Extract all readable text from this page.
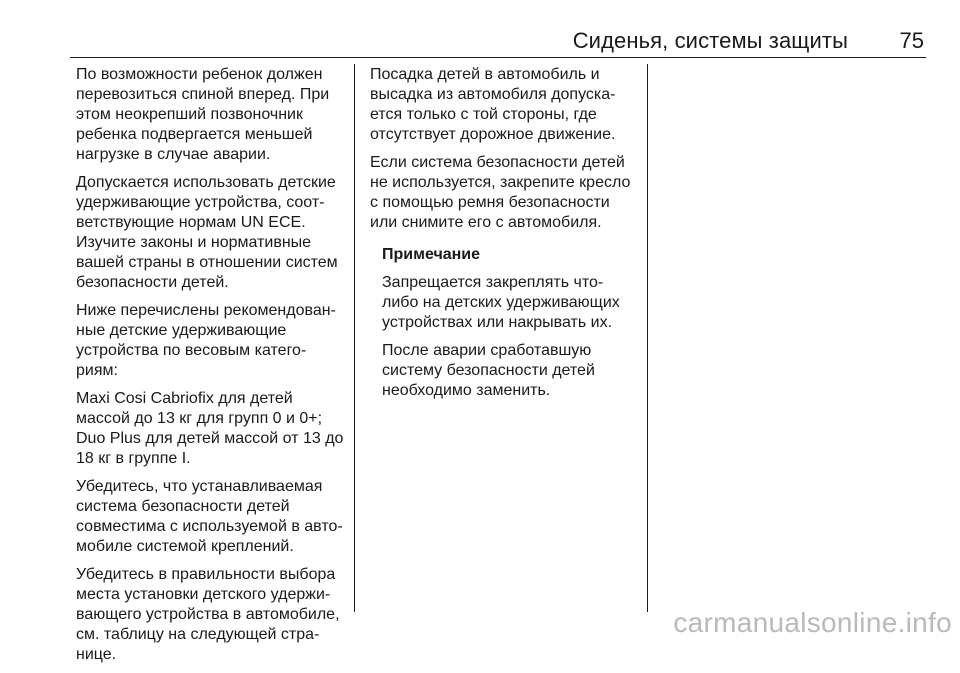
Сиденья, системы защиты 75

По возможности ребенок должен
перевозиться спиной вперед. При
этом неокрепший позвоночник
ребенка подвергается меньшей
нагрузке в случае аварии.

Допускается использовать детские
удерживающие устройства, соот-
ветствующие нормам UN ECE.
Изучите законы и нормативные
вашей страны в отношении систем
безопасности детей.

Ниже перечислены рекомендован-
ные детские удерживающие
устройства по весовым катего-
риям:

Maxi Cosi Cabriofix для детей
массой до 13 кг для групп 0 и 0+;
Duo Plus для детей массой от 13 до
18 кг в группе I.

Убедитесь, что устанавливаемая
система безопасности детей
совместима с используемой в авто-
мобиле системой креплений.

Убедитесь в правильности выбора
места установки детского удержи-
вающего устройства в автомобиле,
см. таблицу на следующей стра-
нице.

Посадка детей в автомобиль и
высадка из автомобиля допуска-
ется только с той стороны, где
отсутствует дорожное движение.

Если система безопасности детей
не используется, закрепите кресло
с помощью ремня безопасности
или снимите его с автомобиля.

Примечание

Запрещается закреплять что-
либо на детских удерживающих
устройствах или накрывать их.

После аварии сработавшую
систему безопасности детей
необходимо заменить.

carmanualsonline.info
